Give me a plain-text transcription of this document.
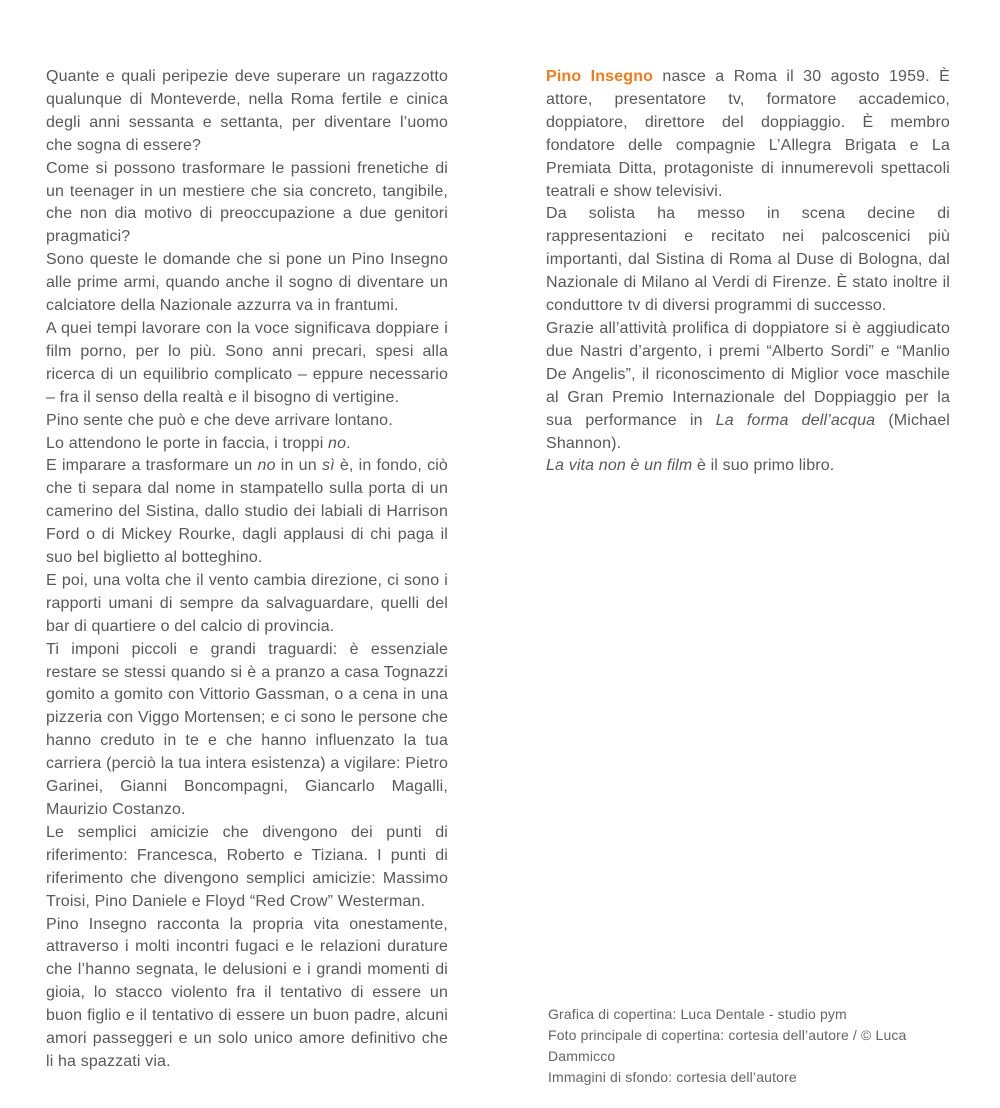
Quante e quali peripezie deve superare un ragazzotto qualunque di Monteverde, nella Roma fertile e cinica degli anni sessanta e settanta, per diventare l’uomo che sogna di essere?

Come si possono trasformare le passioni frenetiche di un teenager in un mestiere che sia concreto, tangibile, che non dia motivo di preoccupazione a due genitori pragmatici?

Sono queste le domande che si pone un Pino Insegno alle prime armi, quando anche il sogno di diventare un calciatore della Nazionale azzurra va in frantumi.

A quei tempi lavorare con la voce significava doppiare i film porno, per lo più. Sono anni precari, spesi alla ricerca di un equilibrio complicato – eppure necessario – fra il senso della realtà e il bisogno di vertigine.

Pino sente che può e che deve arrivare lontano.

Lo attendono le porte in faccia, i troppi no.

E imparare a trasformare un no in un sì è, in fondo, ciò che ti separa dal nome in stampatello sulla porta di un camerino del Sistina, dallo studio dei labiali di Harrison Ford o di Mickey Rourke, dagli applausi di chi paga il suo bel biglietto al botteghino.

E poi, una volta che il vento cambia direzione, ci sono i rapporti umani di sempre da salvaguardare, quelli del bar di quartiere o del calcio di provincia.

Ti imponi piccoli e grandi traguardi: è essenziale restare se stessi quando si è a pranzo a casa Tognazzi gomito a gomito con Vittorio Gassman, o a cena in una pizzeria con Viggo Mortensen; e ci sono le persone che hanno creduto in te e che hanno influenzato la tua carriera (perciò la tua intera esistenza) a vigilare: Pietro Garinei, Gianni Boncompagni, Giancarlo Magalli, Maurizio Costanzo.

Le semplici amicizie che divengono dei punti di riferimento: Francesca, Roberto e Tiziana. I punti di riferimento che divengono semplici amicizie: Massimo Troisi, Pino Daniele e Floyd “Red Crow” Westerman.

Pino Insegno racconta la propria vita onestamente, attraverso i molti incontri fugaci e le relazioni durature che l’hanno segnata, le delusioni e i grandi momenti di gioia, lo stacco violento fra il tentativo di essere un buon figlio e il tentativo di essere un buon padre, alcuni amori passeggeri e un solo unico amore definitivo che li ha spazzati via.

Pino Insegno nasce a Roma il 30 agosto 1959. È attore, presentatore tv, formatore accademico, doppiatore, direttore del doppiaggio. È membro fondatore delle compagnie L’Allegra Brigata e La Premiata Ditta, protagoniste di innumerevoli spettacoli teatrali e show televisivi.

Da solista ha messo in scena decine di rappresentazioni e recitato nei palcoscenici più importanti, dal Sistina di Roma al Duse di Bologna, dal Nazionale di Milano al Verdi di Firenze. È stato inoltre il conduttore tv di diversi programmi di successo.

Grazie all’attività prolifica di doppiatore si è aggiudicato due Nastri d’argento, i premi “Alberto Sordi” e “Manlio De Angelis”, il riconoscimento di Miglior voce maschile al Gran Premio Internazionale del Doppiaggio per la sua performance in La forma dell’acqua (Michael Shannon).

La vita non è un film è il suo primo libro.

Grafica di copertina: Luca Dentale - studio pym
Foto principale di copertina: cortesia dell’autore / © Luca Dammicco
Immagini di sfondo: cortesia dell’autore
